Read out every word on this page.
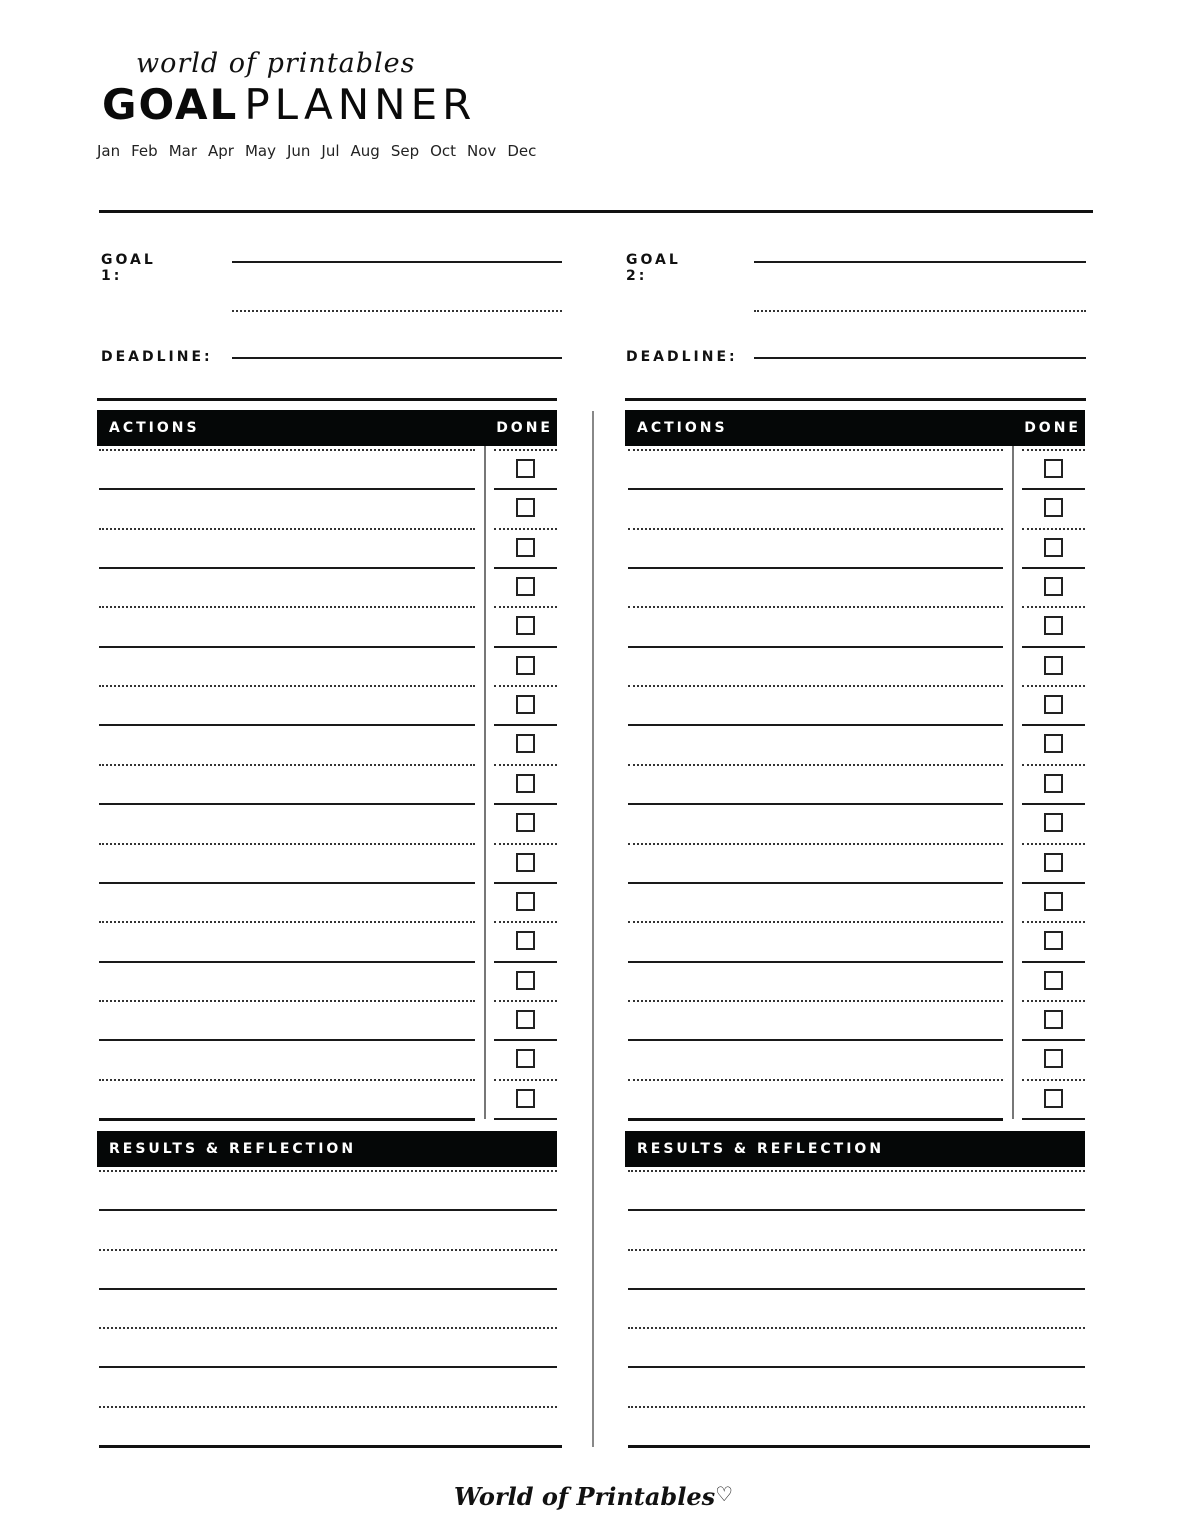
world of printables
GOAL PLANNER
Jan Feb Mar Apr May Jun Jul Aug Sep Oct Nov Dec
GOAL 1:
DEADLINE:
ACTIONS	DONE
RESULTS & REFLECTION
GOAL 2:
DEADLINE:
ACTIONS	DONE
RESULTS & REFLECTION
World of Printables♡
